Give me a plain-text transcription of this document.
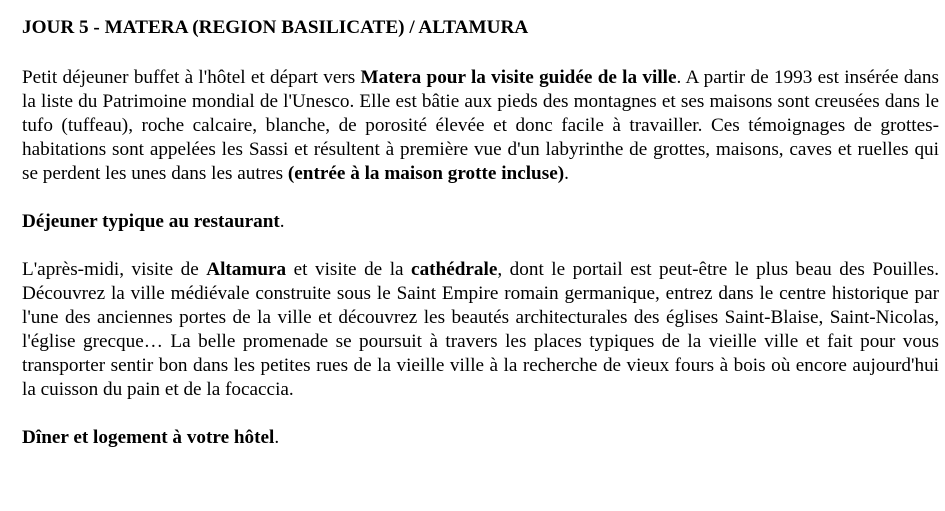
JOUR 5 - MATERA (REGION BASILICATE) / ALTAMURA

Petit déjeuner buffet à l'hôtel et départ vers Matera pour la visite guidée de la ville. A partir de 1993 est insérée dans la liste du Patrimoine mondial de l'Unesco. Elle est bâtie aux pieds des montagnes et ses maisons sont creusées dans le tufo (tuffeau), roche calcaire, blanche, de porosité élevée et donc facile à travailler. Ces témoignages de grottes-habitations sont appelées les Sassi et résultent à première vue d'un labyrinthe de grottes, maisons, caves et ruelles qui se perdent les unes dans les autres (entrée à la maison grotte incluse).

Déjeuner typique au restaurant.

L'après-midi, visite de Altamura et visite de la cathédrale, dont le portail est peut-être le plus beau des Pouilles. Découvrez la ville médiévale construite sous le Saint Empire romain germanique, entrez dans le centre historique par l'une des anciennes portes de la ville et découvrez les beautés architecturales des églises Saint-Blaise, Saint-Nicolas, l'église grecque… La belle promenade se poursuit à travers les places typiques de la vieille ville et fait pour vous transporter sentir bon dans les petites rues de la vieille ville à la recherche de vieux fours à bois où encore aujourd'hui la cuisson du pain et de la focaccia.

Dîner et logement à votre hôtel.
